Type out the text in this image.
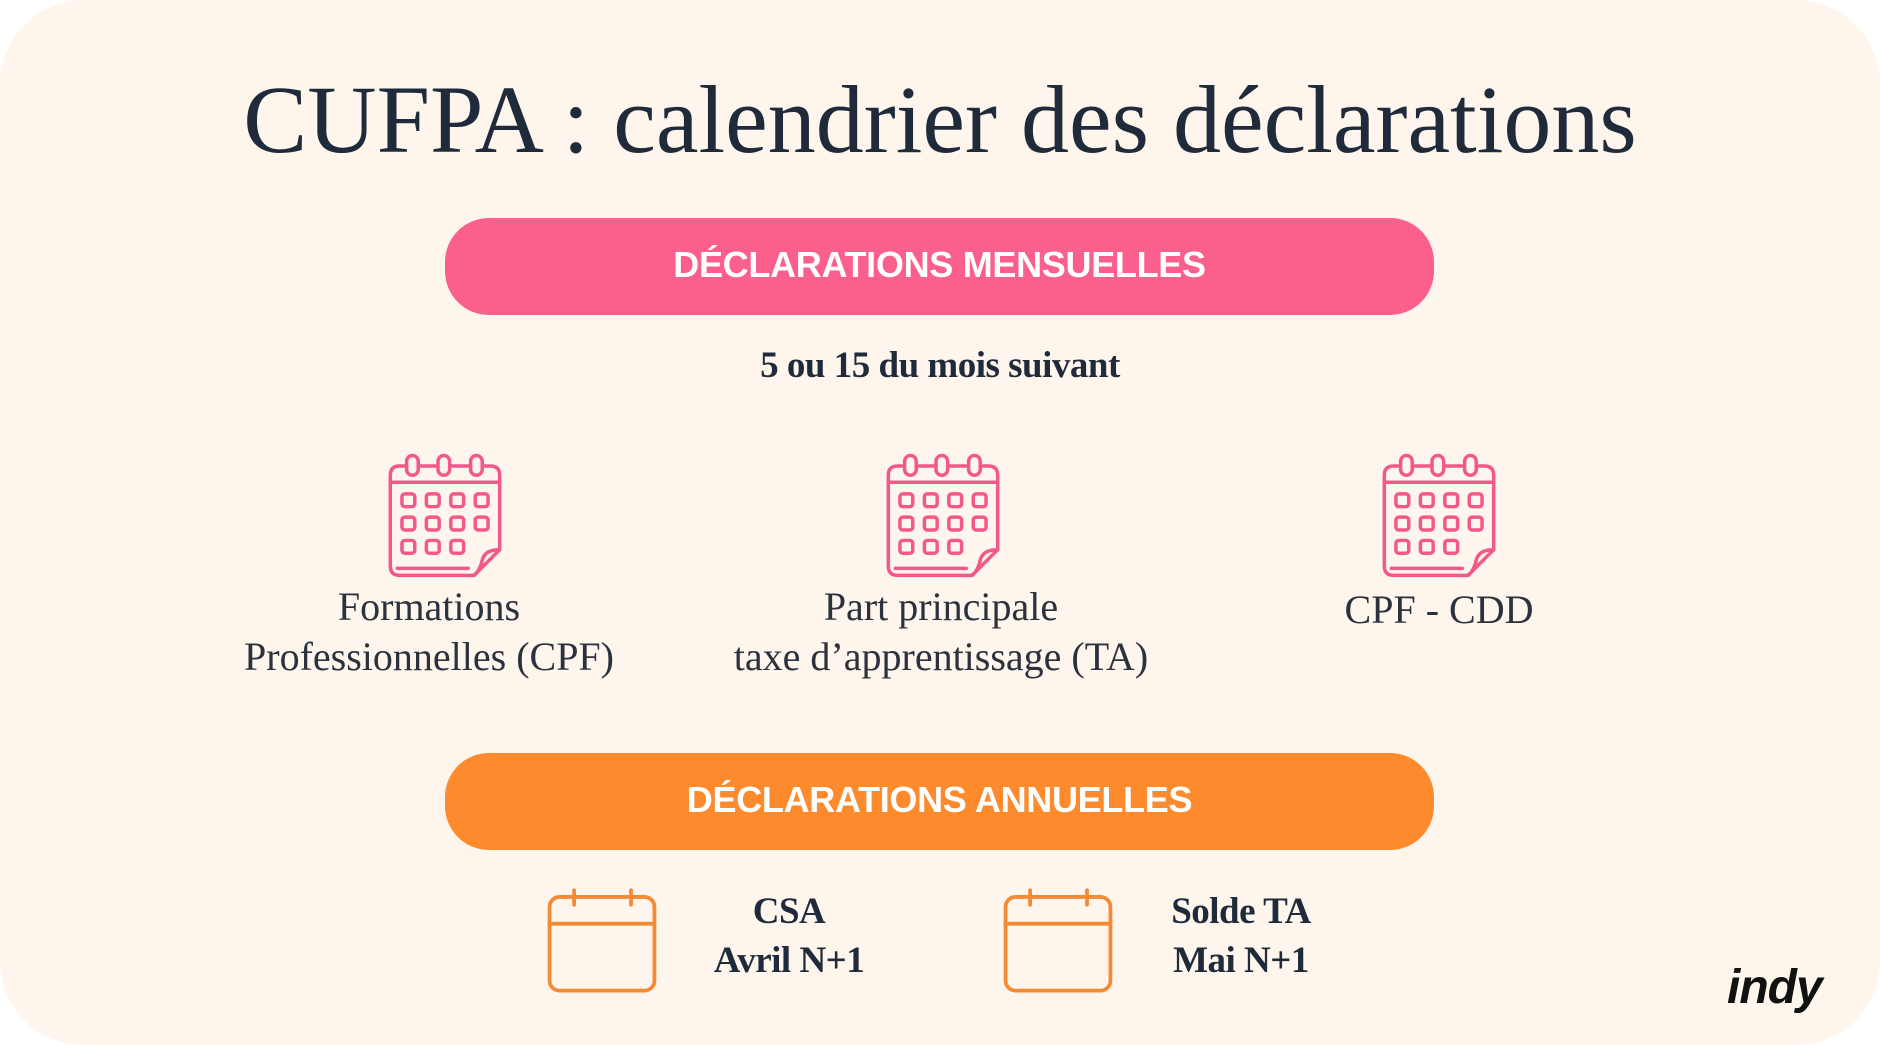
CUFPA : calendrier des déclarations
DÉCLARATIONS MENSUELLES
5 ou 15 du mois suivant
Formations
Professionnelles (CPF)
Part principale
taxe d’apprentissage (TA)
CPF - CDD
DÉCLARATIONS ANNUELLES
CSA
Avril N+1
Solde TA
Mai N+1
indy
